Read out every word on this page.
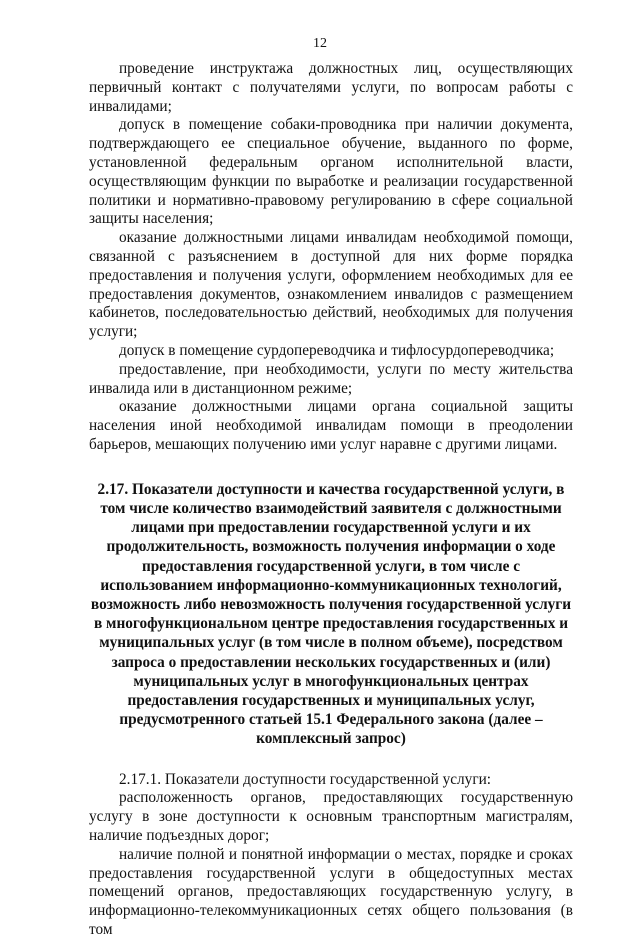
12

проведение инструктажа должностных лиц, осуществляющих первичный контакт с получателями услуги, по вопросам работы с инвалидами;

допуск в помещение собаки-проводника при наличии документа, подтверждающего ее специальное обучение, выданного по форме, установленной федеральным органом исполнительной власти, осуществляющим функции по выработке и реализации государственной политики и нормативно-правовому регулированию в сфере социальной защиты населения;

оказание должностными лицами инвалидам необходимой помощи, связанной с разъяснением в доступной для них форме порядка предоставления и получения услуги, оформлением необходимых для ее предоставления документов, ознакомлением инвалидов с размещением кабинетов, последовательностью действий, необходимых для получения услуги;

допуск в помещение сурдопереводчика и тифлосурдопереводчика;

предоставление, при необходимости, услуги по месту жительства инвалида или в дистанционном режиме;

оказание должностными лицами органа социальной защиты населения иной необходимой инвалидам помощи в преодолении барьеров, мешающих получению ими услуг наравне с другими лицами.

2.17. Показатели доступности и качества государственной услуги, в том числе количество взаимодействий заявителя с должностными лицами при предоставлении государственной услуги и их продолжительность, возможность получения информации о ходе предоставления государственной услуги, в том числе с использованием информационно-коммуникационных технологий, возможность либо невозможность получения государственной услуги в многофункциональном центре предоставления государственных и муниципальных услуг (в том числе в полном объеме), посредством запроса о предоставлении нескольких государственных и (или) муниципальных услуг в многофункциональных центрах предоставления государственных и муниципальных услуг, предусмотренного статьей 15.1 Федерального закона (далее – комплексный запрос)

2.17.1. Показатели доступности государственной услуги:

расположенность органов, предоставляющих государственную услугу в зоне доступности к основным транспортным магистралям, наличие подъездных дорог;

наличие полной и понятной информации о местах, порядке и сроках предоставления государственной услуги в общедоступных местах помещений органов, предоставляющих государственную услугу, в информационно-телекоммуникационных сетях общего пользования (в том
